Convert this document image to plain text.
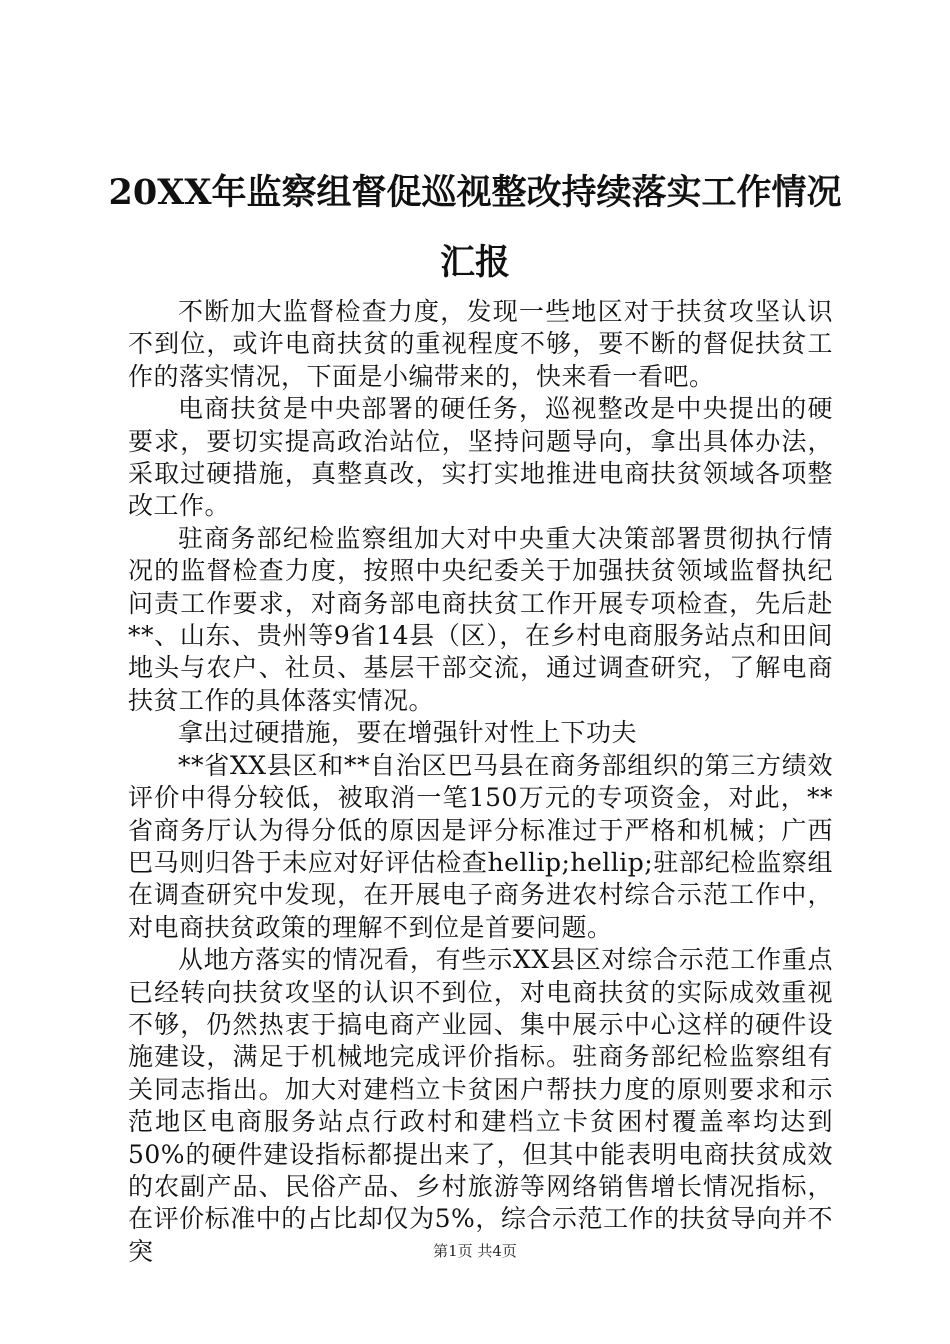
20XX年监察组督促巡视整改持续落实工作情况汇报

不断加大监督检查力度，发现一些地区对于扶贫攻坚认识不到位，或许电商扶贫的重视程度不够，要不断的督促扶贫工作的落实情况，下面是小编带来的，快来看一看吧。

电商扶贫是中央部署的硬任务，巡视整改是中央提出的硬要求，要切实提高政治站位，坚持问题导向，拿出具体办法，采取过硬措施，真整真改，实打实地推进电商扶贫领域各项整改工作。

驻商务部纪检监察组加大对中央重大决策部署贯彻执行情况的监督检查力度，按照中央纪委关于加强扶贫领域监督执纪问责工作要求，对商务部电商扶贫工作开展专项检查，先后赴**、山东、贵州等9省14县（区），在乡村电商服务站点和田间地头与农户、社员、基层干部交流，通过调查研究，了解电商扶贫工作的具体落实情况。

拿出过硬措施，要在增强针对性上下功夫

**省XX县区和**自治区巴马县在商务部组织的第三方绩效评价中得分较低，被取消一笔150万元的专项资金，对此，**省商务厅认为得分低的原因是评分标准过于严格和机械；广西巴马则归咎于未应对好评估检查hellip;hellip;驻部纪检监察组在调查研究中发现，在开展电子商务进农村综合示范工作中，对电商扶贫政策的理解不到位是首要问题。

从地方落实的情况看，有些示XX县区对综合示范工作重点已经转向扶贫攻坚的认识不到位，对电商扶贫的实际成效重视不够，仍然热衷于搞电商产业园、集中展示中心这样的硬件设施建设，满足于机械地完成评价指标。驻商务部纪检监察组有关同志指出。加大对建档立卡贫困户帮扶力度的原则要求和示范地区电商服务站点行政村和建档立卡贫困村覆盖率均达到50%的硬件建设指标都提出来了，但其中能表明电商扶贫成效的农副产品、民俗产品、乡村旅游等网络销售增长情况指标，在评价标准中的占比却仅为5%，综合示范工作的扶贫导向并不突	第1页 共4页
